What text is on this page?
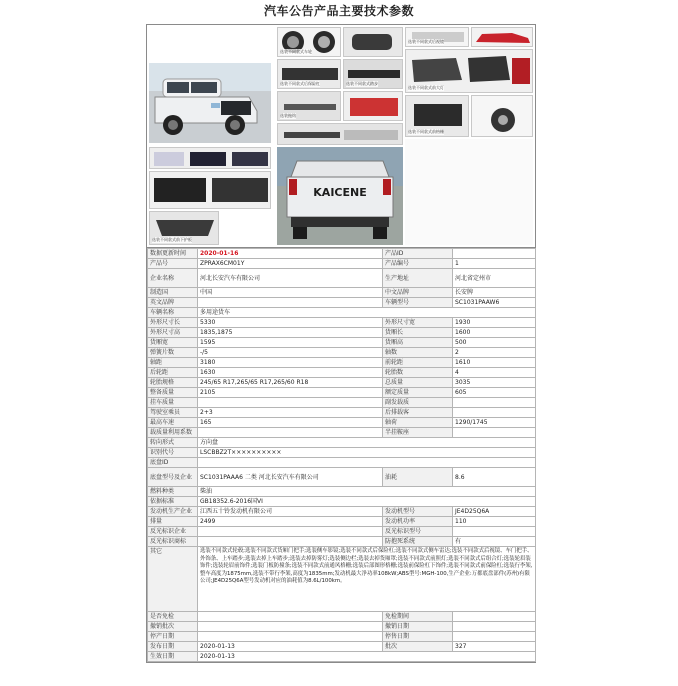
汽车公告产品主要技术参数
选装不同款式车轮
选装不同款式后视镜
选装不同款式后保险杠	选装不同款式踏步
选装不同款式前大灯
选装拖钩
选装不同款式前格栅
选装不同款式前下护板
KAICENE
数据更新时间	2020-01-16	产品ID	
产品号	ZPRAX6CM01Y	产品编号	1
企业名称	河北长安汽车有限公司	生产地址	河北省定州市
制造国	中国	中文品牌	长安牌
英文品牌		车辆型号	SC1031PAAW6
车辆名称	多用途货车		
外形尺寸长	5330	外形尺寸宽	1930
外形尺寸高	1835,1875	货厢长	1600
货厢宽	1595	货厢高	500
弹簧片数	-/5	轴数	2
轴距	3180	前轮距	1610
后轮距	1630	轮胎数	4
轮胎规格	245/65 R17,265/65 R17,265/60 R18	总质量	3035
整备质量	2105	额定质量	605
挂车质量		副发载质	
驾驶室乘员	2+3	后排载客	
最高车速	165	轴荷	1290/1745
载质量利用系数		半挂鞍座	
转向形式	方向盘		
识别代号	LSCBBZ2T××××××××××		
底盘ID			
底盘型号及企业	SC1031PAAA6 二类 河北长安汽车有限公司	油耗	8.6
燃料种类	柴油		
依据标准	GB18352.6-2016国VI		
发动机生产企业	江西五十铃发动机有限公司	发动机型号	JE4D25Q6A
排量	2499	发动机功率	110
反光标识企业		反光标识型号	
反光标识商标		防抱死系统	有
其它	选装不同款式轮毂;选装不同款式货厢门把手;选装侧车影镜;选装不同款式后保险杠;选装不同款式侧车雷达;选装不同款式后视镜、车门把手、外饰条、上车踏步;选装去掉上车踏步;选装去掉防雾灯;选装侧边栏;选装去掉货厢罩;选装不同款式前照灯;选装不同款式后组合灯;选装轮眉装饰件;选装轮眉前饰件;选装门板防撞条;选装不同款式前通风格栅;选装后部图形格栅;选装前保险杠下饰件;选装不同款式前保险杠;选装行李架,整车高度为1875mm,选装不带行李架,高度为1835mm;发动机最大净功率108kW;ABS型号:MGH-100,生产企业:万都底盘部件(苏州)有限公司;JE4D25Q6A型号发动机对应的油耗值为8.6L/100km。		
是否免检		免检期间	
撤销批次		撤销日期	
停产日期		停售日期	
发布日期	2020-01-13	批次	327
生效日期	2020-01-13		
